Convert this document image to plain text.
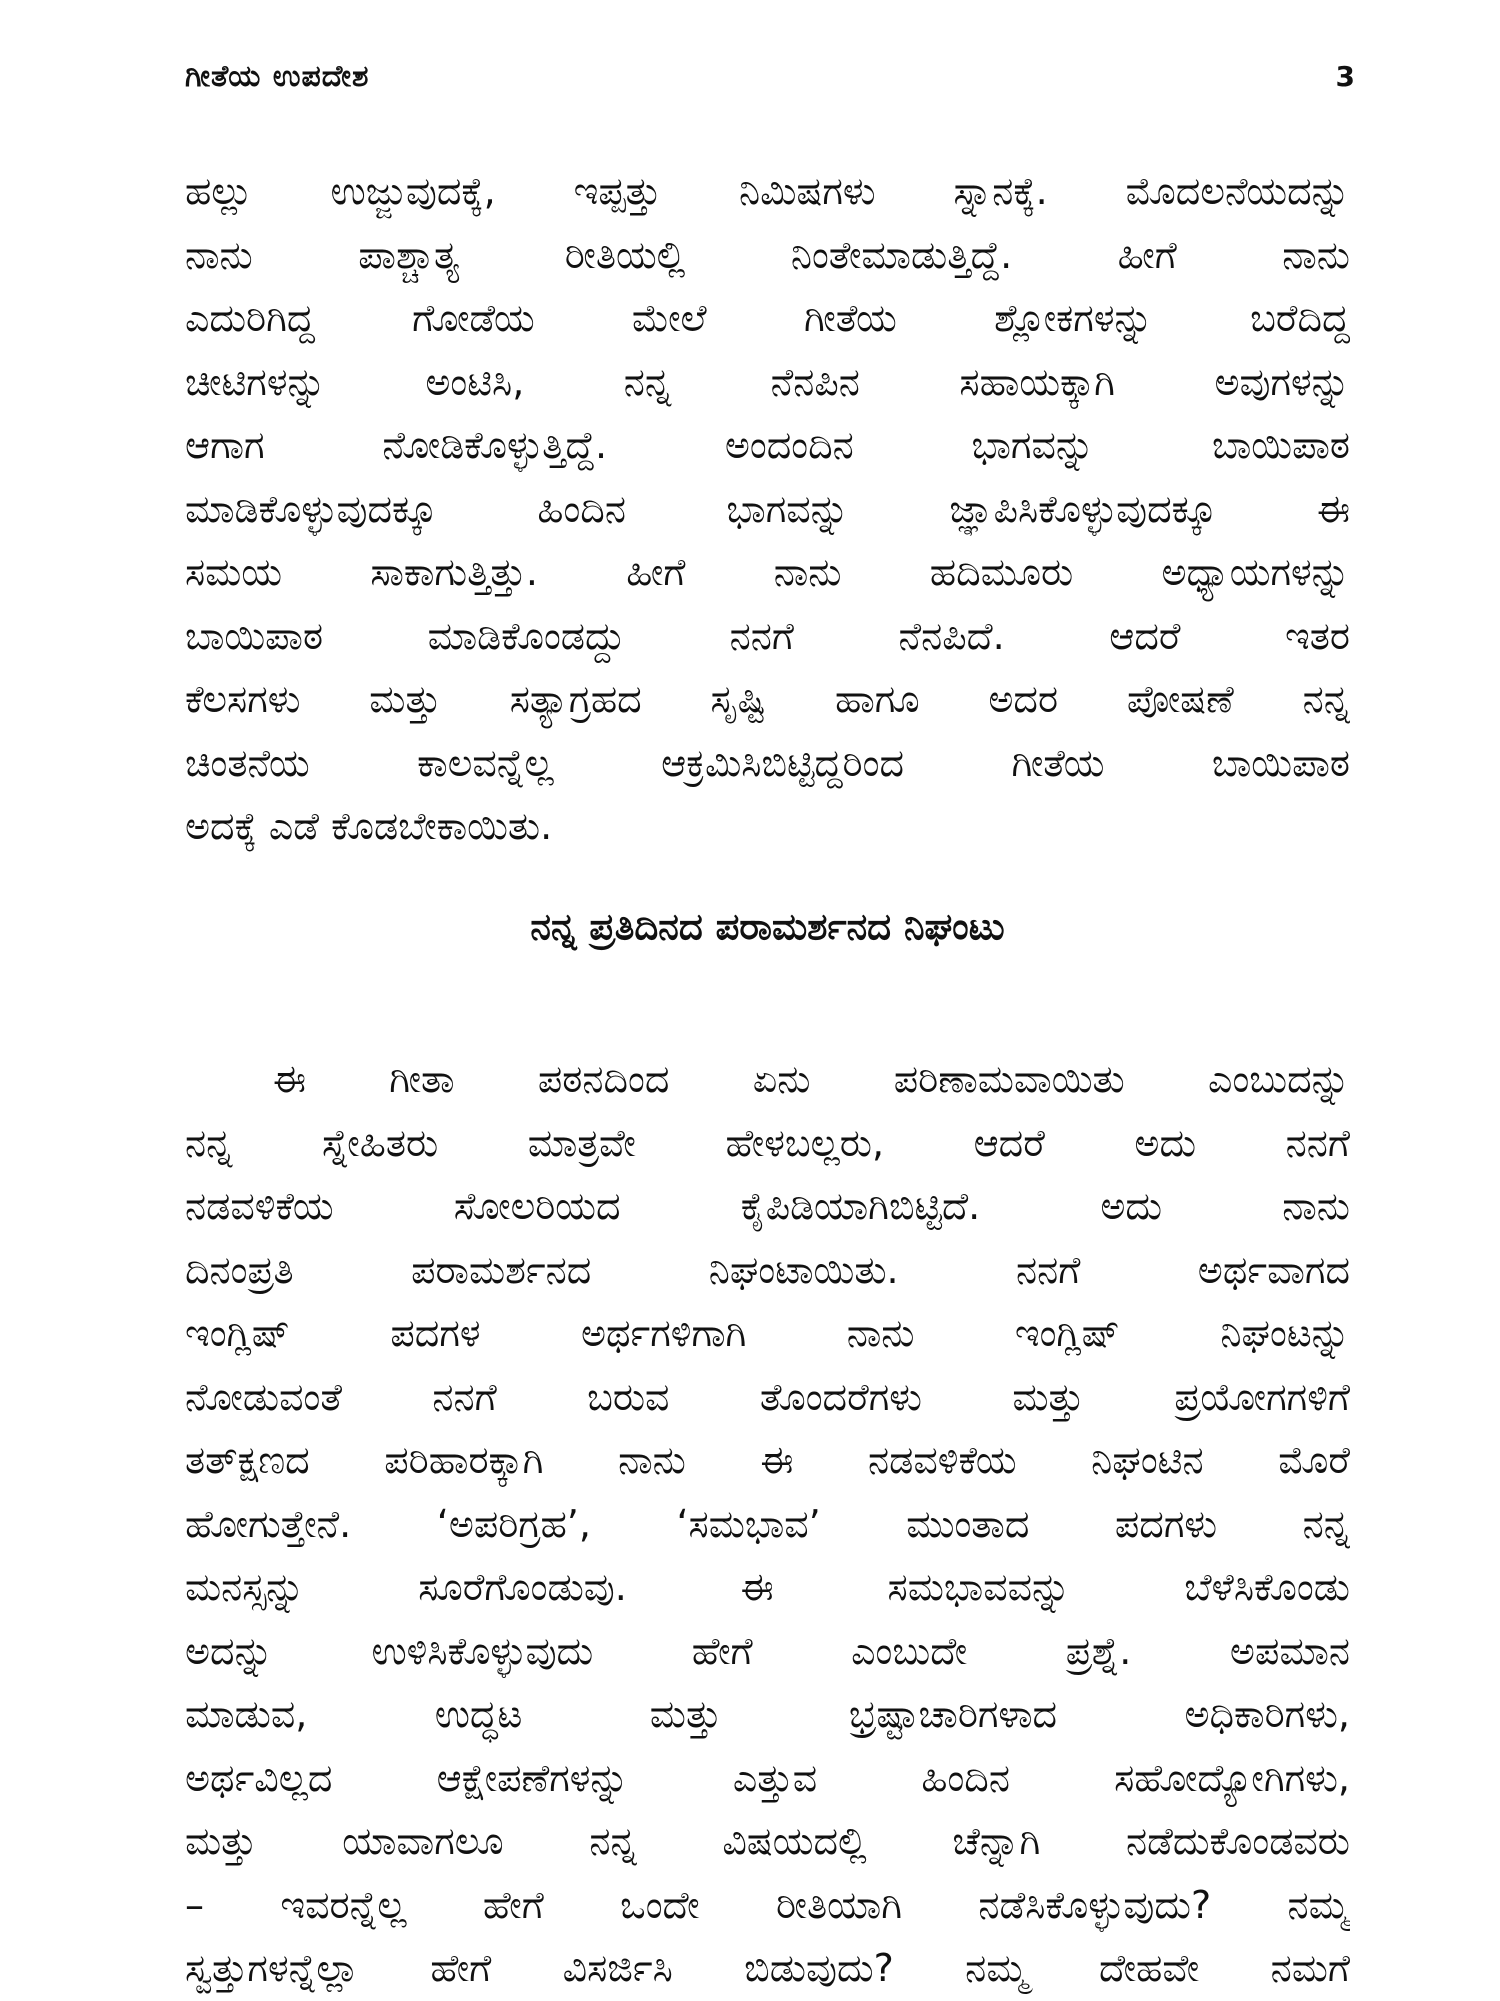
ಗೀತೆಯ ಉಪದೇಶ	3
ಹಲ್ಲು ಉಜ್ಜುವುದಕ್ಕೆ, ಇಪ್ಪತ್ತು ನಿಮಿಷಗಳು ಸ್ನಾನಕ್ಕೆ. ಮೊದಲನೆಯದನ್ನು
ನಾನು ಪಾಶ್ಚಾತ್ಯ ರೀತಿಯಲ್ಲಿ ನಿಂತೇಮಾಡುತ್ತಿದ್ದೆ. ಹೀಗೆ ನಾನು
ಎದುರಿಗಿದ್ದ ಗೋಡೆಯ ಮೇಲೆ ಗೀತೆಯ ಶ್ಲೋಕಗಳನ್ನು ಬರೆದಿದ್ದ
ಚೀಟಿಗಳನ್ನು ಅಂಟಿಸಿ, ನನ್ನ ನೆನಪಿನ ಸಹಾಯಕ್ಕಾಗಿ ಅವುಗಳನ್ನು
ಆಗಾಗ ನೋಡಿಕೊಳ್ಳುತ್ತಿದ್ದೆ. ಅಂದಂದಿನ ಭಾಗವನ್ನು ಬಾಯಿಪಾಠ
ಮಾಡಿಕೊಳ್ಳುವುದಕ್ಕೂ ಹಿಂದಿನ ಭಾಗವನ್ನು ಜ್ಞಾಪಿಸಿಕೊಳ್ಳುವುದಕ್ಕೂ ಈ
ಸಮಯ ಸಾಕಾಗುತ್ತಿತ್ತು. ಹೀಗೆ ನಾನು ಹದಿಮೂರು ಅಧ್ಯಾಯಗಳನ್ನು
ಬಾಯಿಪಾಠ ಮಾಡಿಕೊಂಡದ್ದು ನನಗೆ ನೆನಪಿದೆ. ಆದರೆ ಇತರ
ಕೆಲಸಗಳು ಮತ್ತು ಸತ್ಯಾಗ್ರಹದ ಸೃಷ್ಟಿ ಹಾಗೂ ಅದರ ಪೋಷಣೆ ನನ್ನ
ಚಿಂತನೆಯ ಕಾಲವನ್ನೆಲ್ಲ ಆಕ್ರಮಿಸಿಬಿಟ್ಟಿದ್ದರಿಂದ ಗೀತೆಯ ಬಾಯಿಪಾಠ
ಅದಕ್ಕೆ ಎಡೆ ಕೊಡಬೇಕಾಯಿತು.
ನನ್ನ ಪ್ರತಿದಿನದ ಪರಾಮರ್ಶನದ ನಿಘಂಟು
ಈ ಗೀತಾ ಪಠನದಿಂದ ಏನು ಪರಿಣಾಮವಾಯಿತು ಎಂಬುದನ್ನು
ನನ್ನ ಸ್ನೇಹಿತರು ಮಾತ್ರವೇ ಹೇಳಬಲ್ಲರು, ಆದರೆ ಅದು ನನಗೆ
ನಡವಳಿಕೆಯ ಸೋಲರಿಯದ ಕೈಪಿಡಿಯಾಗಿಬಿಟ್ಟಿದೆ. ಅದು ನಾನು
ದಿನಂಪ್ರತಿ ಪರಾಮರ್ಶನದ ನಿಘಂಟಾಯಿತು. ನನಗೆ ಅರ್ಥವಾಗದ
ಇಂಗ್ಲಿಷ್ ಪದಗಳ ಅರ್ಥಗಳಿಗಾಗಿ ನಾನು ಇಂಗ್ಲಿಷ್ ನಿಘಂಟನ್ನು
ನೋಡುವಂತೆ ನನಗೆ ಬರುವ ತೊಂದರೆಗಳು ಮತ್ತು ಪ್ರಯೋಗಗಳಿಗೆ
ತತ್‌ಕ್ಷಣದ ಪರಿಹಾರಕ್ಕಾಗಿ ನಾನು ಈ ನಡವಳಿಕೆಯ ನಿಘಂಟಿನ ಮೊರೆ
ಹೋಗುತ್ತೇನೆ. ‘ಅಪರಿಗ್ರಹ’, ‘ಸಮಭಾವ’ ಮುಂತಾದ ಪದಗಳು ನನ್ನ
ಮನಸ್ಸನ್ನು ಸೂರೆಗೊಂಡುವು. ಈ ಸಮಭಾವವನ್ನು ಬೆಳೆಸಿಕೊಂಡು
ಅದನ್ನು ಉಳಿಸಿಕೊಳ್ಳುವುದು ಹೇಗೆ ಎಂಬುದೇ ಪ್ರಶ್ನೆ. ಅಪಮಾನ
ಮಾಡುವ, ಉದ್ಧಟ ಮತ್ತು ಭ್ರಷ್ಟಾಚಾರಿಗಳಾದ ಅಧಿಕಾರಿಗಳು,
ಅರ್ಥವಿಲ್ಲದ ಆಕ್ಷೇಪಣೆಗಳನ್ನು ಎತ್ತುವ ಹಿಂದಿನ ಸಹೋದ್ಯೋಗಿಗಳು,
ಮತ್ತು ಯಾವಾಗಲೂ ನನ್ನ ವಿಷಯದಲ್ಲಿ ಚೆನ್ನಾಗಿ ನಡೆದುಕೊಂಡವರು
– ಇವರನ್ನೆಲ್ಲ ಹೇಗೆ ಒಂದೇ ರೀತಿಯಾಗಿ ನಡೆಸಿಕೊಳ್ಳುವುದು? ನಮ್ಮ
ಸ್ವತ್ತುಗಳನ್ನೆಲ್ಲಾ ಹೇಗೆ ವಿಸರ್ಜಿಸಿ ಬಿಡುವುದು? ನಮ್ಮ ದೇಹವೇ ನಮಗೆ
